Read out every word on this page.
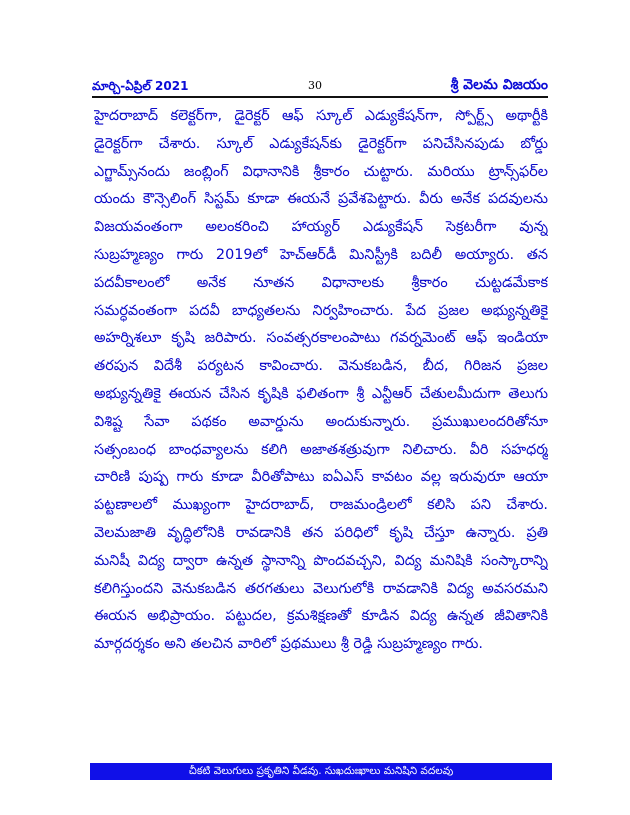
మార్చి-ఏప్రిల్ 2021	30	శ్రీ వెలమ విజయం
హైదరాబాద్ కలెక్టర్‌గా, డైరెక్టర్ ఆఫ్ స్కూల్ ఎడ్యుకేషన్‌గా, స్పోర్ట్స్ అథార్టీకి
డైరెక్టర్‌గా చేశారు. స్కూల్ ఎడ్యుకేషన్‌కు డైరెక్టర్‌గా పనిచేసినపుడు బోర్డు
ఎగ్జామ్స్‌నందు జంబ్లింగ్ విధానానికి శ్రీకారం చుట్టారు. మరియు ట్రాన్స్‌ఫర్‌ల
యందు కౌన్సెలింగ్ సిస్టమ్ కూడా ఈయనే ప్రవేశపెట్టారు. వీరు అనేక పదవులను
విజయవంతంగా అలంకరించి హాయ్యర్ ఎడ్యుకేషన్ సెక్రటరీగా వున్న
సుబ్రహ్మణ్యం గారు 2019లో హెచ్ఆర్‌డీ మినిస్ట్రీకి బదిలీ అయ్యారు. తన
పదవీకాలంలో అనేక నూతన విధానాలకు శ్రీకారం చుట్టడమేకాక
సమర్ధవంతంగా పదవీ బాధ్యతలను నిర్వహించారు. పేద ప్రజల అభ్యున్నతికై
అహర్నిశలూ కృషి జరిపారు. సంవత్సరకాలంపాటు గవర్నమెంట్ ఆఫ్ ఇండియా
తరపున విదేశీ పర్యటన కావించారు. వెనుకబడిన, బీద, గిరిజన ప్రజల
అభ్యున్నతికై ఈయన చేసిన కృషికి ఫలితంగా శ్రీ ఎన్టీఆర్ చేతులమీదుగా తెలుగు
విశిష్ట సేవా పథకం అవార్డును అందుకున్నారు. ప్రముఖులందరితోనూ
సత్సంబంధ బాంధవ్యాలను కలిగి అజాతశత్రువుగా నిలిచారు. వీరి సహధర్మ
చారిణి పుష్ప గారు కూడా వీరితోపాటు ఐఏఎస్ కావటం వల్ల ఇరువురూ ఆయా
పట్టణాలలో ముఖ్యంగా హైదరాబాద్, రాజమండ్రిలలో కలిసి పని చేశారు.
వెలమజాతి వృద్ధిలోనికి రావడానికి తన పరిధిలో కృషి చేస్తూ ఉన్నారు. ప్రతి
మనిషీ విద్య ద్వారా ఉన్నత స్థానాన్ని పొందవచ్చని, విద్య మనిషికి సంస్కారాన్ని
కలిగిస్తుందని వెనుకబడిన తరగతులు వెలుగులోకి రావడానికి విద్య అవసరమని
ఈయన అభిప్రాయం. పట్టుదల, క్రమశిక్షణతో కూడిన విద్య ఉన్నత జీవితానికి
మార్గదర్శకం అని తలచిన వారిలో ప్రథములు శ్రీ రెడ్డి సుబ్రహ్మణ్యం గారు.
చీకటి వెలుగులు ప్రకృతిని వీడవు. సుఖదుఃఖాలు మనిషిని వదలవు
